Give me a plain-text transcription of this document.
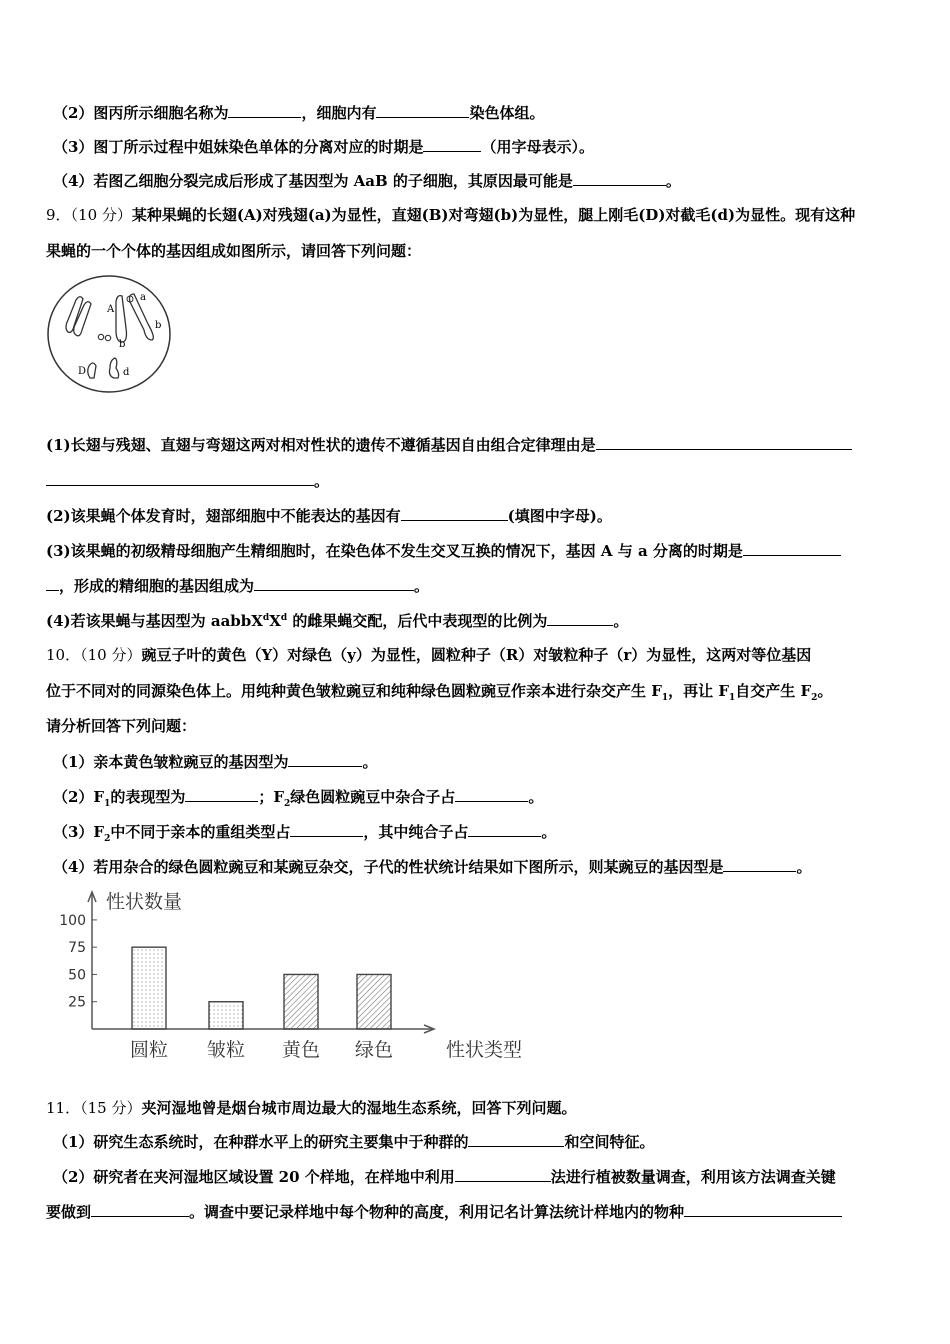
（2）图丙所示细胞名称为	，细胞内有	染色体组。
（3）图丁所示过程中姐妹染色单体的分离对应的时期是	（用字母表示）。
（4）若图乙细胞分裂完成后形成了基因型为 AaB 的子细胞，其原因最可能是	。
9．（10 分）某种果蝇的长翅(A)对残翅(a)为显性，直翅(B)对弯翅(b)为显性，腿上刚毛(D)对截毛(d)为显性。现有这种
果蝇的一个个体的基因组成如图所示，请回答下列问题：
A
a
b
b
D	d
(1)长翅与残翅、直翅与弯翅这两对相对性状的遗传不遵循基因自由组合定律理由是
。
(2)该果蝇个体发育时，翅部细胞中不能表达的基因有	(填图中字母)。
(3)该果蝇的初级精母细胞产生精细胞时，在染色体不发生交叉互换的情况下，基因 A 与 a 分离的时期是
，形成的精细胞的基因组成为	。
(4)若该果蝇与基因型为 $aabbX^dX^d$ 的雌果蝇交配，后代中表现型的比例为	。
10．（10 分）豌豆子叶的黄色（Y）对绿色（y）为显性，圆粒种子（R）对皱粒种子（r）为显性，这两对等位基因
位于不同对的同源染色体上。用纯种黄色皱粒豌豆和纯种绿色圆粒豌豆作亲本进行杂交产生 $F_1$，再让 $F_1$自交产生 $F_2$。
请分析回答下列问题：
（1）亲本黄色皱粒豌豆的基因型为	。
$(2)F_1$的表现型为	；$F_2$绿色圆粒豌豆中杂合子占	。
$(3)F_2$中不同于亲本的重组类型占	，其中纯合子占	。
（4）若用杂合的绿色圆粒豌豆和某豌豆杂交，子代的性状统计结果如下图所示，则某豌豆的基因型是	。
100
75
50
25
圆粒 皱粒 黄色 绿色
性状数量
性状类型
11．（15 分）夹河湿地曾是烟台城市周边最大的湿地生态系统，回答下列问题。
（1）研究生态系统时，在种群水平上的研究主要集中于种群的	和空间特征。
（2）研究者在夹河湿地区域设置 20 个样地，在样地中利用	法进行植被数量调查，利用该方法调查关键
要做到	。调查中要记录样地中每个物种的高度，利用记名计算法统计样地内的物种
